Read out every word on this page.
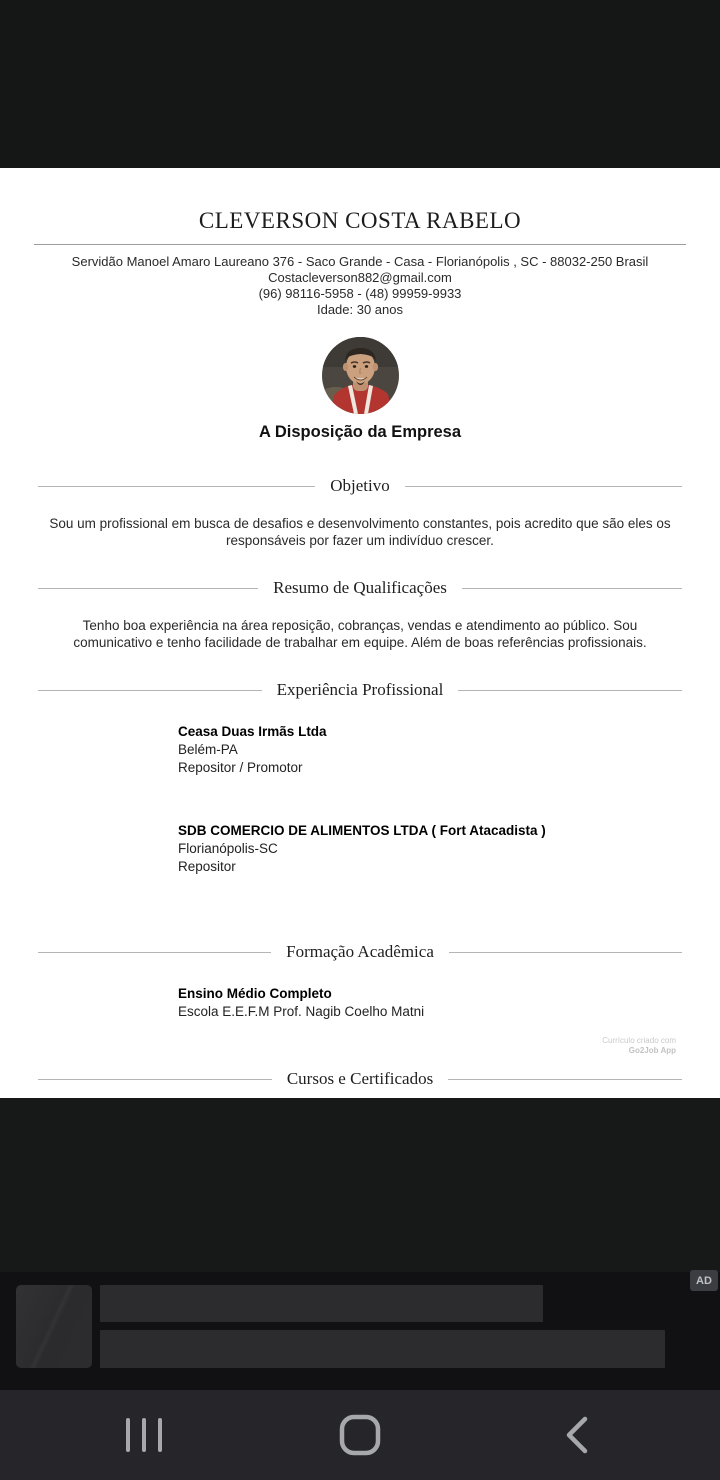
CLEVERSON COSTA RABELO
Servidão Manoel Amaro Laureano 376 - Saco Grande - Casa - Florianópolis , SC - 88032-250 Brasil
Costacleverson882@gmail.com
(96) 98116-5958 - (48) 99959-9933
Idade: 30 anos
A Disposição da Empresa
Objetivo
Sou um profissional em busca de desafios e desenvolvimento constantes, pois acredito que são eles os responsáveis por fazer um indivíduo crescer.
Resumo de Qualificações
Tenho boa experiência na área reposição, cobranças, vendas e atendimento ao público. Sou comunicativo e tenho facilidade de trabalhar em equipe. Além de boas referências profissionais.
Experiência Profissional
Ceasa Duas Irmãs Ltda
Belém-PA
Repositor / Promotor
SDB COMERCIO DE ALIMENTOS LTDA ( Fort Atacadista )
Florianópolis-SC
Repositor
Formação Acadêmica
Ensino Médio Completo
Escola E.E.F.M Prof. Nagib Coelho Matni
Cursos e Certificados
Currículo criado com
Go2Job App
AD
